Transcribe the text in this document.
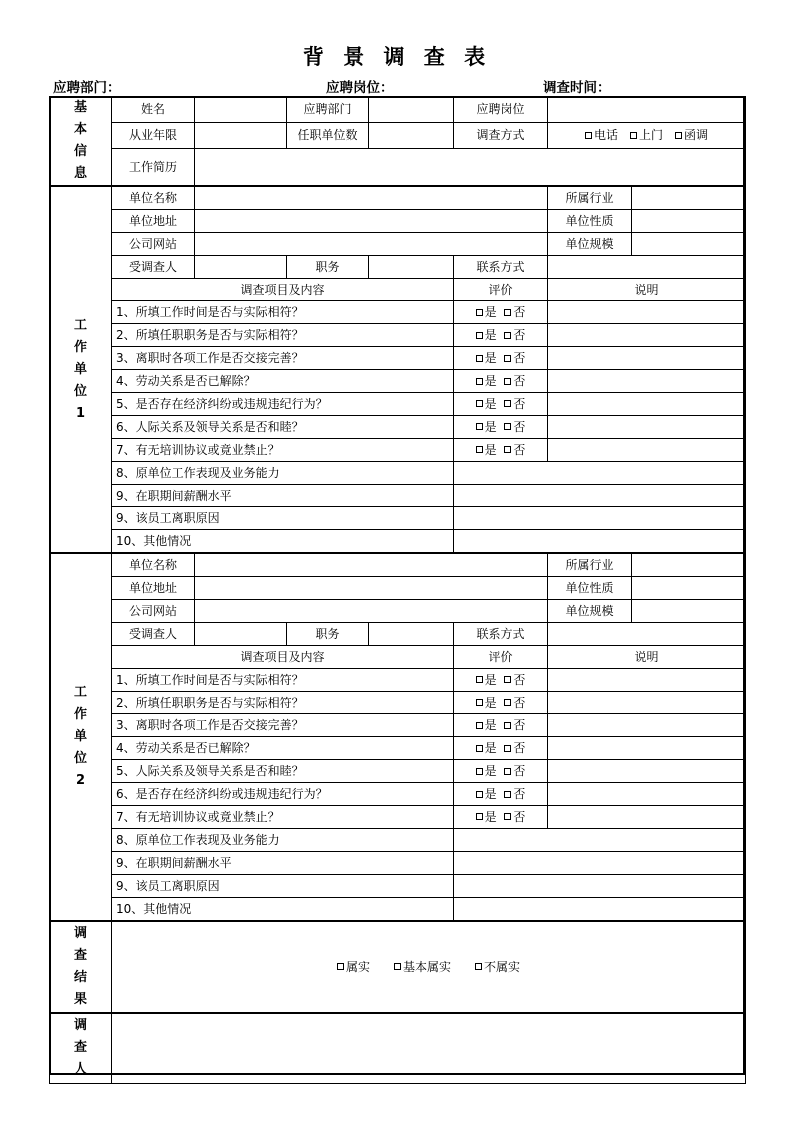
背 景 调 查 表
应聘部门：	应聘岗位：	调查时间：
基
本
信
息	姓名		应聘部门		应聘岗位		
	从业年限		任职单位数		调查方式	电话 上门 函调	
	工作简历						

工
作
单
位
1	单位名称					所属行业	
	单位地址					单位性质	
	公司网站					单位规模	
	受调查人		职务		联系方式		
	调查项目及内容				评价	说明	
	1、所填工作时间是否与实际相符？				是 否		
	2、所填任职职务是否与实际相符？				是 否		
	3、离职时各项工作是否交接完善？				是 否		
	4、劳动关系是否已解除？				是 否		
	5、是否存在经济纠纷或违规违纪行为？				是 否		
	6、人际关系及领导关系是否和睦？				是 否		
	7、有无培训协议或竟业禁止？				是 否		
	8、原单位工作表现及业务能力						
	9、在职期间薪酬水平						
	9、该员工离职原因						
	10、其他情况						

工
作
单
位
2	单位名称					所属行业	
	单位地址					单位性质	
	公司网站					单位规模	
	受调查人		职务		联系方式		
	调查项目及内容				评价	说明	
	1、所填工作时间是否与实际相符？				是 否		
	2、所填任职职务是否与实际相符？				是 否		
	3、离职时各项工作是否交接完善？				是 否		
	4、劳动关系是否已解除？				是 否		
	5、人际关系及领导关系是否和睦？				是 否		
	6、是否存在经济纠纷或违规违纪行为？				是 否		
	7、有无培训协议或竟业禁止？				是 否		
	8、原单位工作表现及业务能力						
	9、在职期间薪酬水平						
	9、该员工离职原因						
	10、其他情况						

调
查
结
果	属实 基本属实 不属实						

调
查
人							
